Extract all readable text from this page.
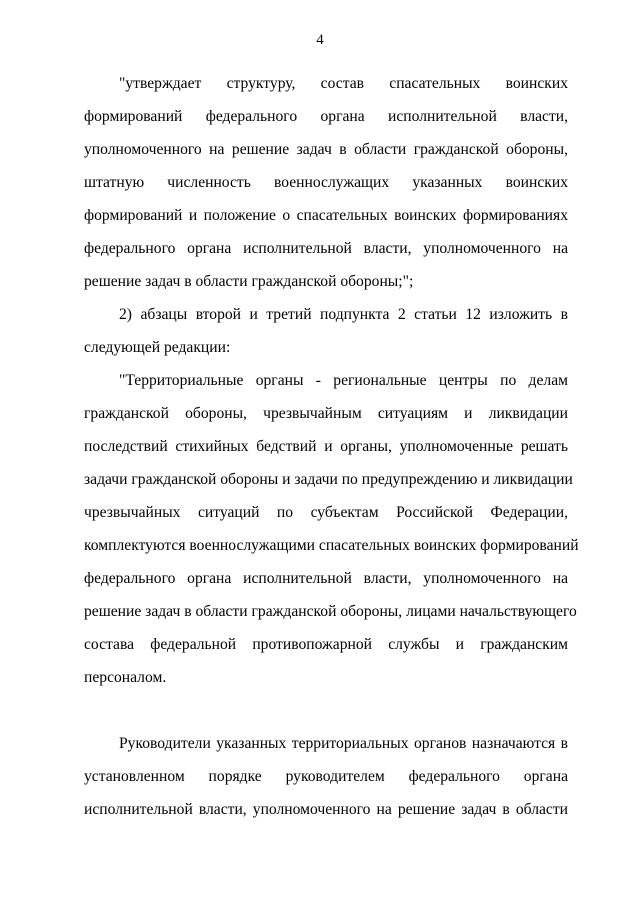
4
"утверждает структуру, состав спасательных воинских
формирований федерального органа исполнительной власти,
уполномоченного на решение задач в области гражданской обороны,
штатную численность военнослужащих указанных воинских
формирований и положение о спасательных воинских формированиях
федерального органа исполнительной власти, уполномоченного на
решение задач в области гражданской обороны;";
2) абзацы второй и третий подпункта 2 статьи 12 изложить в
следующей редакции:
"Территориальные органы - региональные центры по делам
гражданской обороны, чрезвычайным ситуациям и ликвидации
последствий стихийных бедствий и органы, уполномоченные решать
задачи гражданской обороны и задачи по предупреждению и ликвидации
чрезвычайных ситуаций по субъектам Российской Федерации,
комплектуются военнослужащими спасательных воинских формирований
федерального органа исполнительной власти, уполномоченного на
решение задач в области гражданской обороны, лицами начальствующего
состава федеральной противопожарной службы и гражданским
персоналом.
Руководители указанных территориальных органов назначаются в
установленном порядке руководителем федерального органа
исполнительной власти, уполномоченного на решение задач в области
